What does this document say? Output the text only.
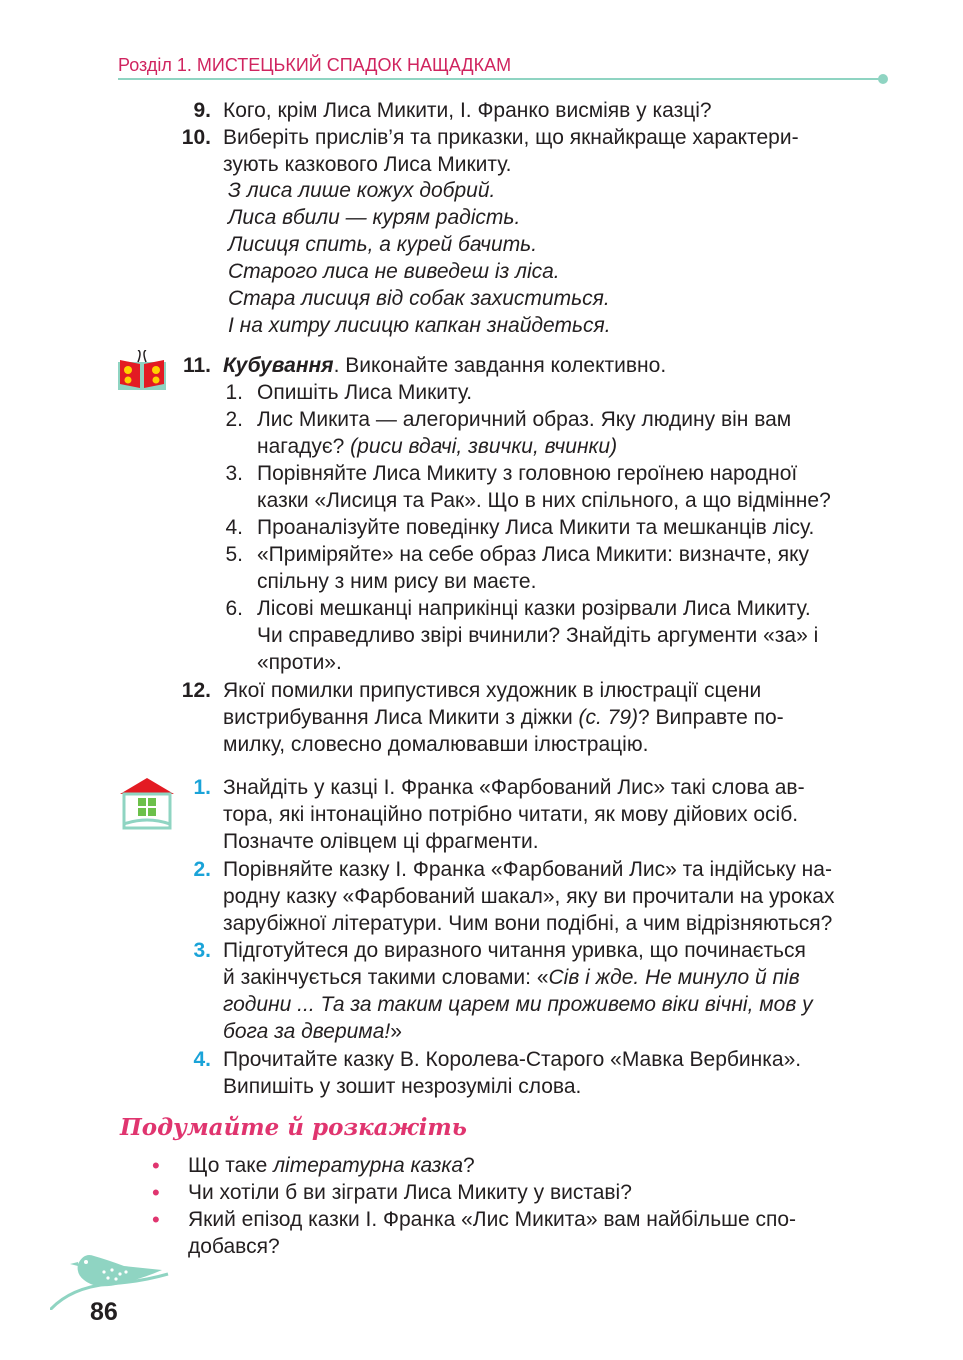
Розділ 1. МИСТЕЦЬКИЙ СПАДОК НАЩАДКАМ
9. Кого, крім Лиса Микити, І. Франко висміяв у казці?
10. Виберіть прислів’я та приказки, що якнайкраще характери-
зують казкового Лиса Микиту.
З лиса лише кожух добрий.
Лиса вбили — курям радість.
Лисиця спить, а курей бачить.
Старого лиса не виведеш із ліса.
Стара лисиця від собак захиститься.
І на хитру лисицю капкан знайдеться.
11. Кубування. Виконайте завдання колективно.
1. Опишіть Лиса Микиту.
2. Лис Микита — алегоричний образ. Яку людину він вам
нагадує? (риси вдачі, звички, вчинки)
3. Порівняйте Лиса Микиту з головною героїнею народної
казки «Лисиця та Рак». Що в них спільного, а що відмінне?
4. Проаналізуйте поведінку Лиса Микити та мешканців лісу.
5. «Приміряйте» на себе образ Лиса Микити: визначте, яку
спільну з ним рису ви маєте.
6. Лісові мешканці наприкінці казки розірвали Лиса Микиту.
Чи справедливо звірі вчинили? Знайдіть аргументи «за» і
«проти».
12. Якої помилки припустився художник в ілюстрації сцени
вистрибування Лиса Микити з діжки (с. 79)? Виправте по-
милку, словесно домалювавши ілюстрацію.
1. Знайдіть у казці І. Франка «Фарбований Лис» такі слова ав-
тора, які інтонаційно потрібно читати, як мову дійових осіб.
Позначте олівцем ці фрагменти.
2. Порівняйте казку І. Франка «Фарбований Лис» та індійську на-
родну казку «Фарбований шакал», яку ви прочитали на уроках
зарубіжної літератури. Чим вони подібні, а чим відрізняються?
3. Підготуйтеся до виразного читання уривка, що починається
й закінчується такими словами: «Сів і жде. Не минуло й пів
години ... Та за таким царем ми проживемо віки вічні, мов у
бога за дверима!»
4. Прочитайте казку В. Королева-Старого «Мавка Вербинка».
Випишіть у зошит незрозумілі слова.
Подумайте й розкажіть
• Що таке літературна казка?
• Чи хотіли б ви зіграти Лиса Микиту у виставі?
• Який епізод казки І. Франка «Лис Микита» вам найбільше спо-
добався?
86
